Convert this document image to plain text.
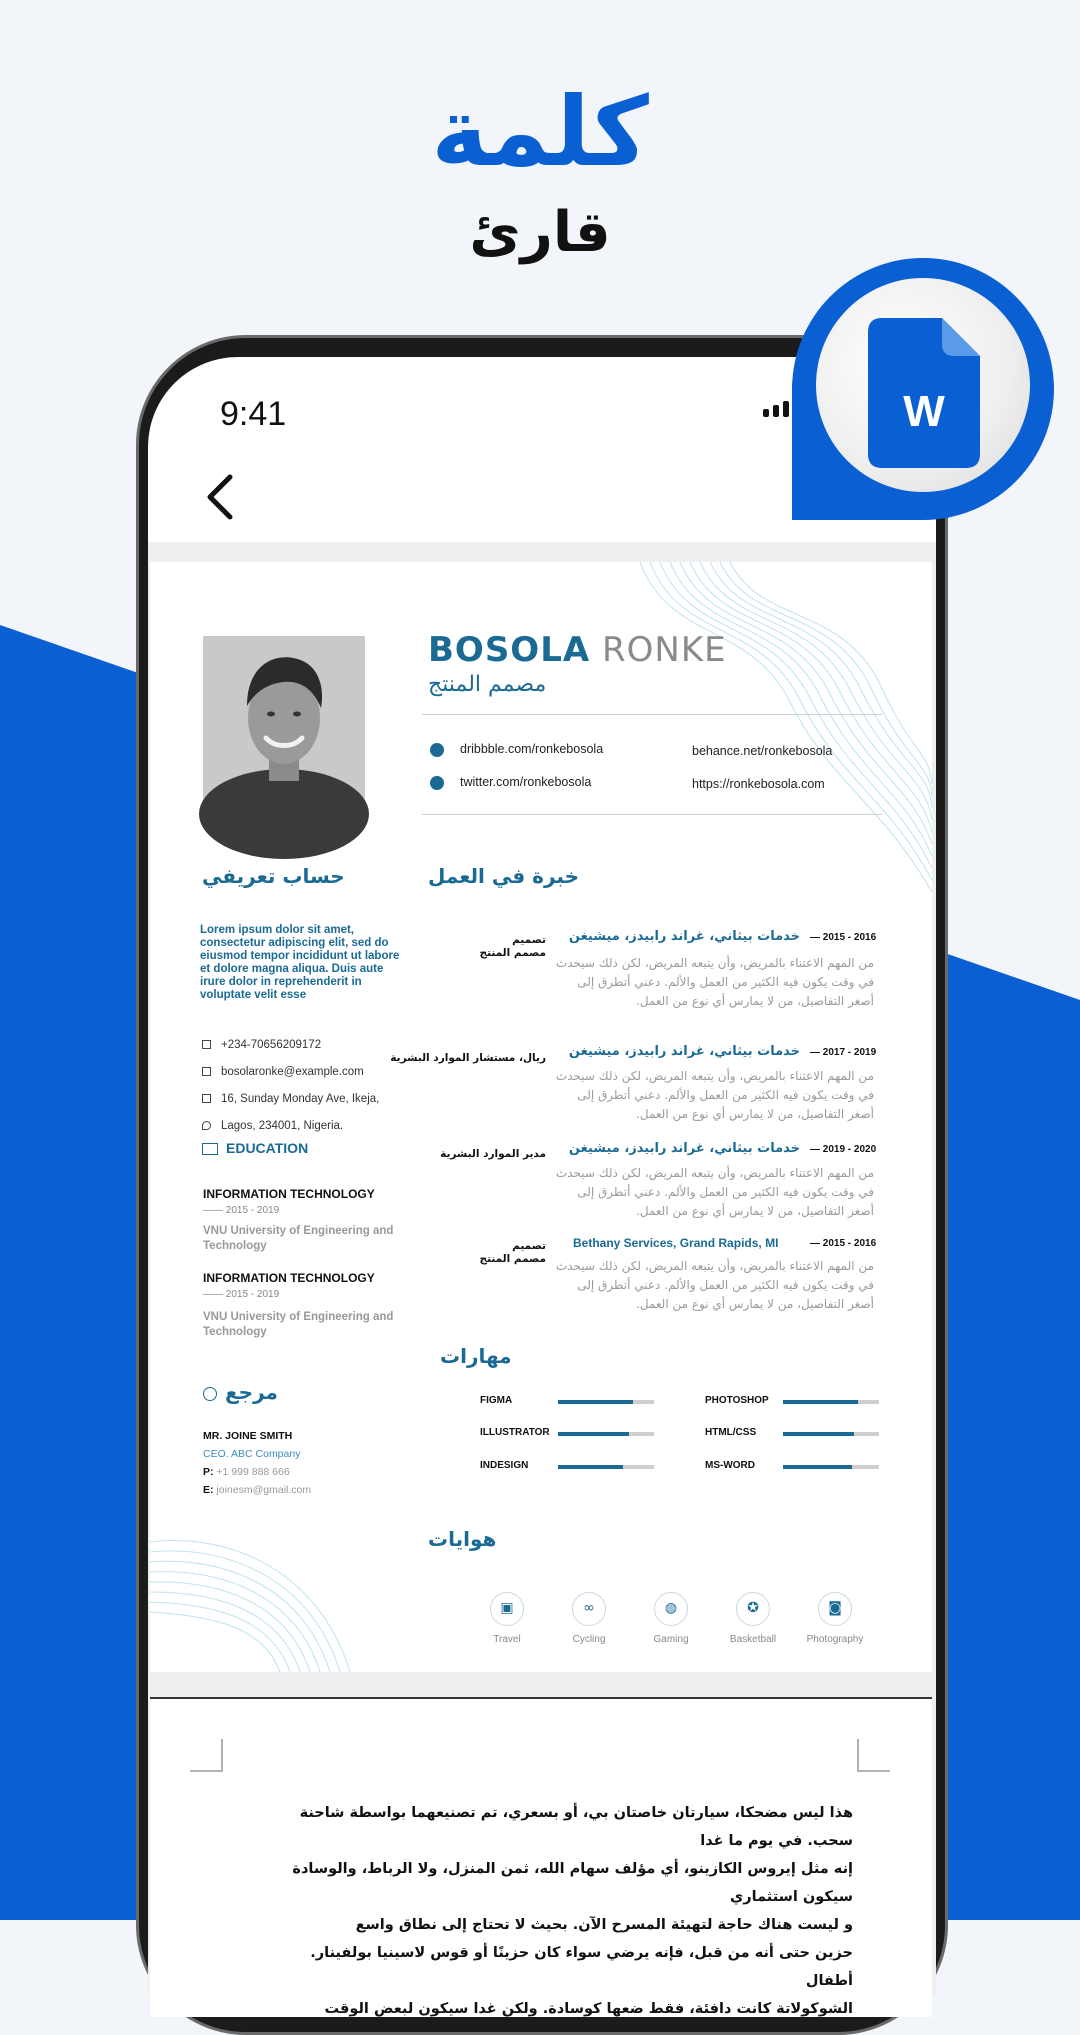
كلمة
قارئ
9:41
BOSOLA RONKE
مصمم المنتج
dribbble.com/ronkebosola
twitter.com/ronkebosola
behance.net/ronkebosola
https://ronkebosola.com
حساب تعريفي
Lorem ipsum dolor sit amet, consectetur adipiscing elit, sed do eiusmod tempor incididunt ut labore et dolore magna aliqua. Duis aute irure dolor in reprehenderit in voluptate velit esse
+234-70656209172
bosolaronke@example.com
16, Sunday Monday Ave, Ikeja,
Lagos, 234001, Nigeria.
EDUCATION
INFORMATION TECHNOLOGY
—— 2015 - 2019
VNU University of Engineering and Technology
INFORMATION TECHNOLOGY
—— 2015 - 2019
VNU University of Engineering and Technology
مرجع
MR. JOINE SMITH
CEO. ABC Company
P: +1 999 888 666
E: joinesm@gmail.com
خبرة في العمل
— 2015 - 2016
خدمات بيثاني، غراند رابيدز، ميشيغن
تصميم
مصمم المنتج
من المهم الاعتناء بالمريض، وأن يتبعه المريض، لكن ذلك سيحدث في وقت يكون فيه الكثير من العمل والألم. دعني أتطرق إلى أصغر التفاصيل، من لا يمارس أي نوع من العمل.
— 2017 - 2019
خدمات بيثاني، غراند رابيدز، ميشيغن
ريال، مستشار الموارد البشرية
من المهم الاعتناء بالمريض، وأن يتبعه المريض، لكن ذلك سيحدث في وقت يكون فيه الكثير من العمل والألم. دعني أتطرق إلى أصغر التفاصيل، من لا يمارس أي نوع من العمل.
— 2019 - 2020
خدمات بيثاني، غراند رابيدز، ميشيغن
مدير الموارد البشرية
من المهم الاعتناء بالمريض، وأن يتبعه المريض، لكن ذلك سيحدث في وقت يكون فيه الكثير من العمل والألم. دعني أتطرق إلى أصغر التفاصيل، من لا يمارس أي نوع من العمل.
— 2015 - 2016
Bethany Services, Grand Rapids, MI
تصميم
مصمم المنتج	من المهم الاعتناء بالمريض، وأن يتبعه المريض، لكن ذلك سيحدث في وقت يكون فيه الكثير من العمل والألم. دعني أتطرق إلى أصغر التفاصيل، من لا يمارس أي نوع من العمل.
مهارات
FIGMA	PHOTOSHOP
ILLUSTRATOR	HTML/CSS
INDESIGN	MS-WORD
هوايات
▣
Travel
∞
Cycling
◍
Gaming
✪
Basketball
◙
Photography
هذا ليس مضحكا، سيارتان خاصتان بي، أو بسعري، تم تصنيعهما بواسطة شاحنة سحب. في يوم ما غدا
إنه مثل إيروس الكازينو، أي مؤلف سهام الله، ثمن المنزل، ولا الرباط، والوسادة سيكون استثماري
و ليست هناك حاجة لتهيئة المسرح الآن. بحيث لا تحتاج إلى نطاق واسع
حزين حتى أنه من قبل، فإنه يرضي سواء كان حزينًا أو قوس لاسينيا بولفينار. أطفال
الشوكولاتة كانت دافئة، فقط ضعها كوسادة. ولكن غدا سيكون لبعض الوقت
W
